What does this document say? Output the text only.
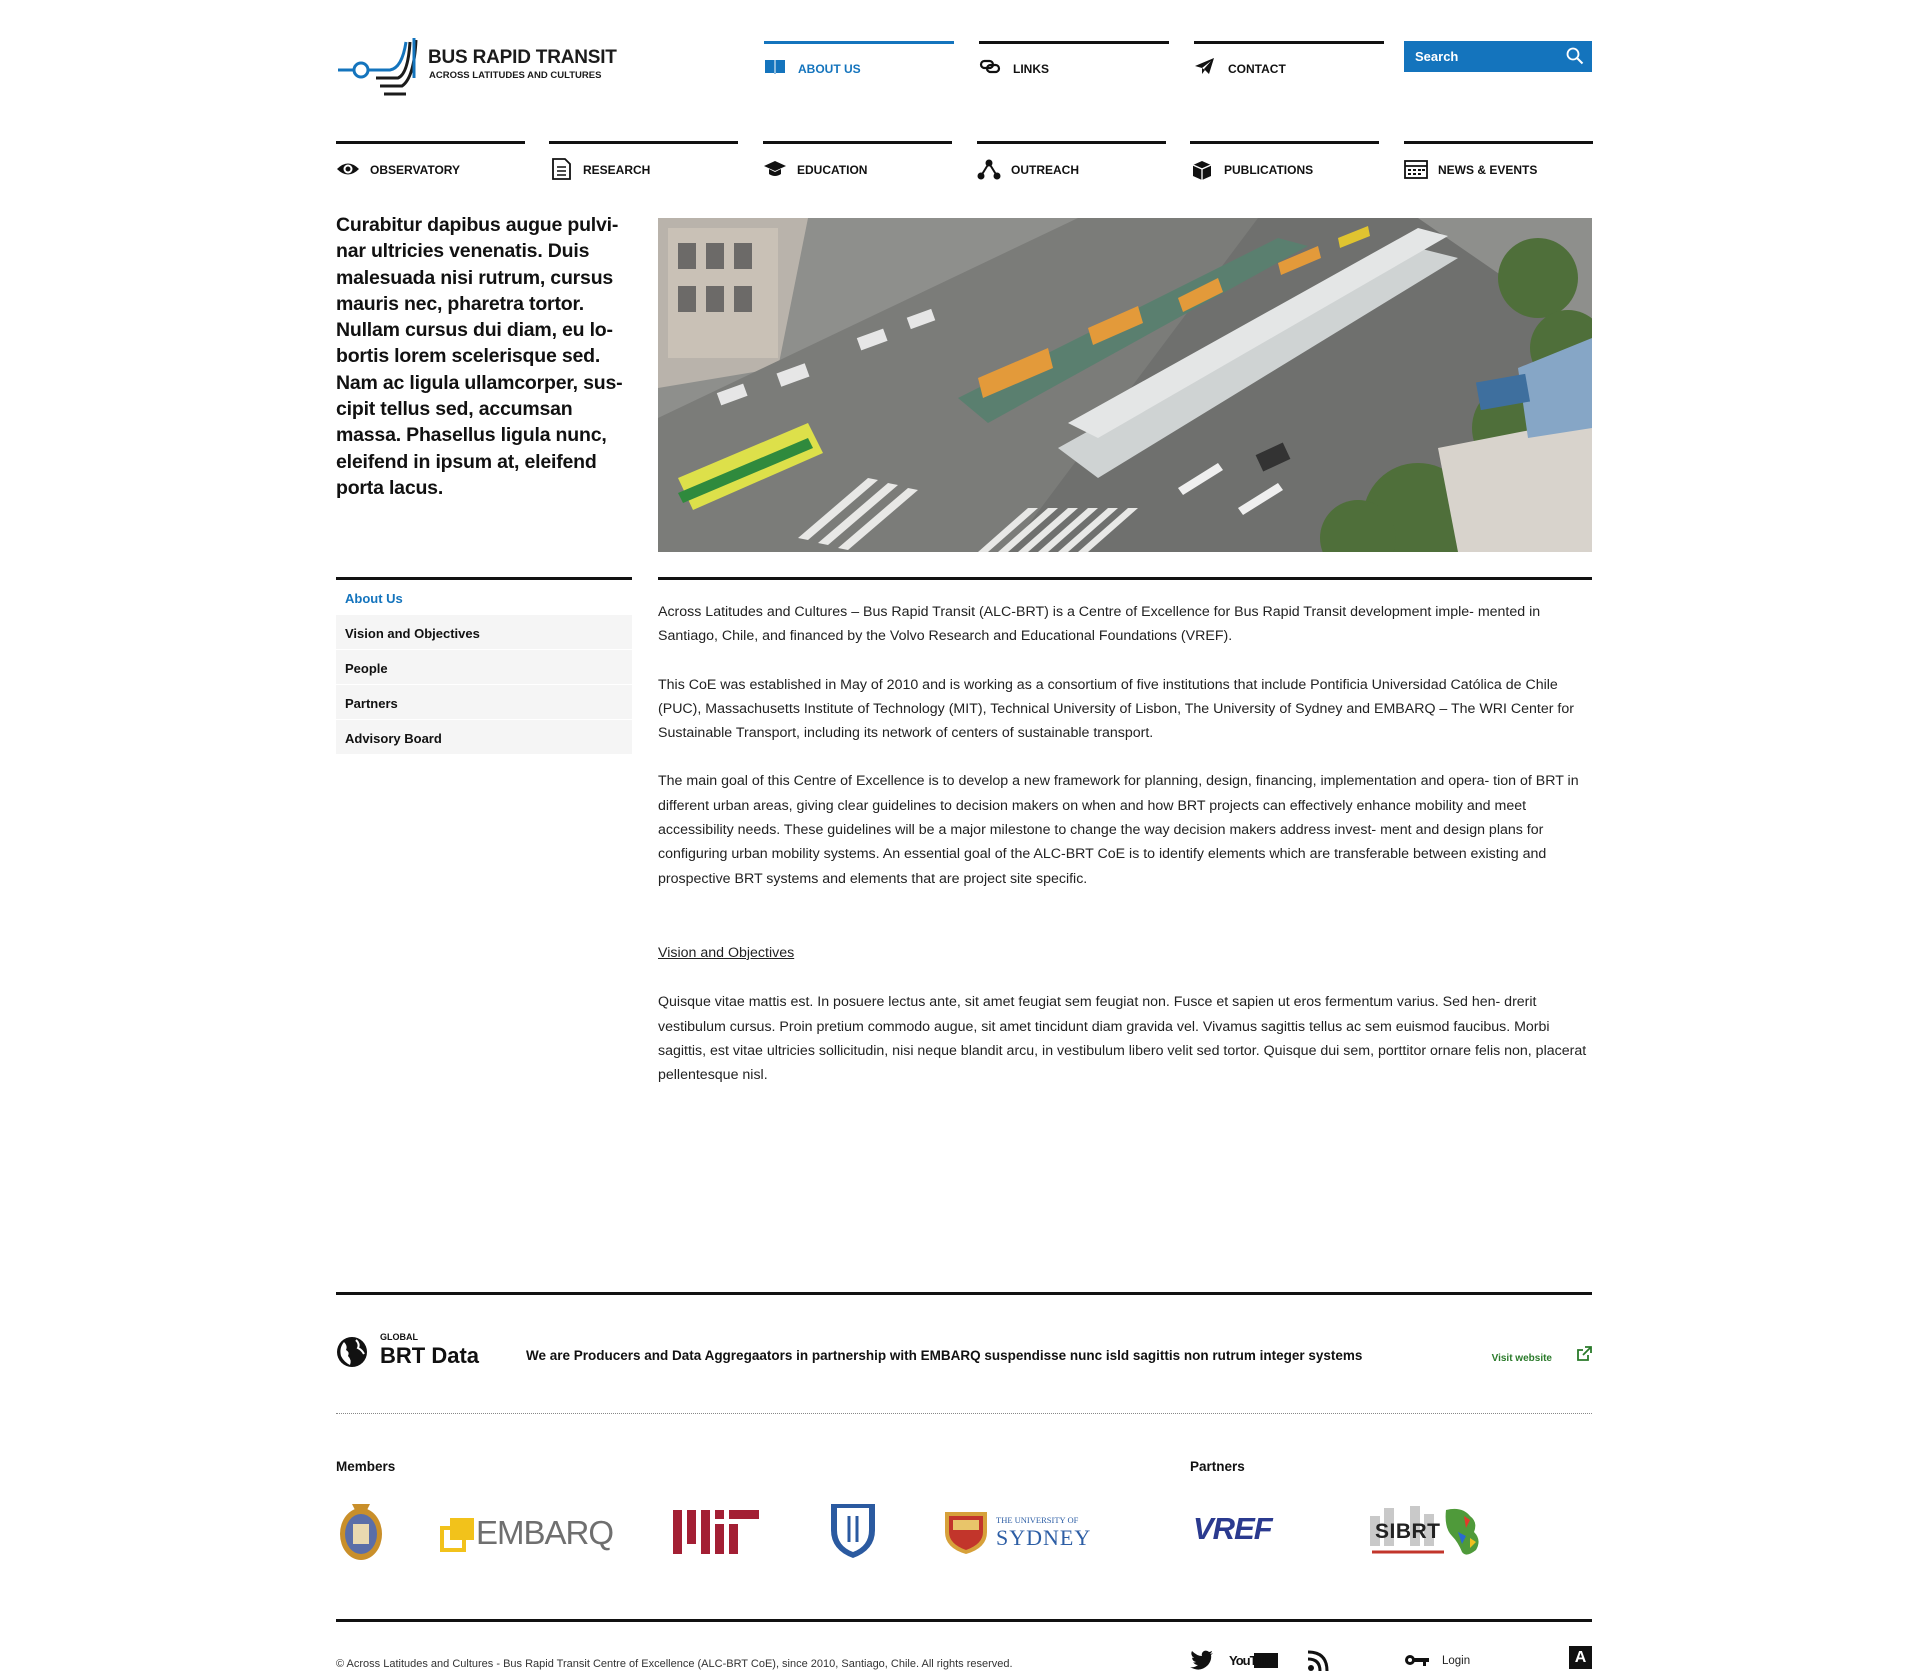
BUS RAPID TRANSIT
ACROSS LATITUDES AND CULTURES	ABOUT US	LINKS	CONTACT
Search
OBSERVATORY	RESEARCH	EDUCATION	OUTREACH	PUBLICATIONS	NEWS & EVENTS
Curabitur dapibus augue pulvi- nar ultricies venenatis. Duis malesuada nisi rutrum, cursus mauris nec, pharetra tortor. Nullam cursus dui diam, eu lo- bortis lorem scelerisque sed. Nam ac ligula ullamcorper, sus- cipit tellus sed, accumsan massa. Phasellus ligula nunc, eleifend in ipsum at, eleifend porta lacus.
About Us
Vision and Objectives
People
Partners
Advisory Board

Across Latitudes and Cultures – Bus Rapid Transit (ALC-BRT) is a Centre of Excellence for Bus Rapid Transit development imple- mented in Santiago, Chile, and financed by the Volvo Research and Educational Foundations (VREF).

This CoE was established in May of 2010 and is working as a consortium of five institutions that include Pontificia Universidad Católica de Chile (PUC), Massachusetts Institute of Technology (MIT), Technical University of Lisbon, The University of Sydney and EMBARQ – The WRI Center for Sustainable Transport, including its network of centers of sustainable transport.

The main goal of this Centre of Excellence is to develop a new framework for planning, design, financing, implementation and opera- tion of BRT in different urban areas, giving clear guidelines to decision makers on when and how BRT projects can effectively enhance mobility and meet accessibility needs. These guidelines will be a major milestone to change the way decision makers address invest- ment and design plans for configuring urban mobility systems. An essential goal of the ALC-BRT CoE is to identify elements which are transferable between existing and prospective BRT systems and elements that are project site specific.

Vision and Objectives

Quisque vitae mattis est. In posuere lectus ante, sit amet feugiat sem feugiat non. Fusce et sapien ut eros fermentum varius. Sed hen- drerit vestibulum cursus. Proin pretium commodo augue, sit amet tincidunt diam gravida vel. Vivamus sagittis tellus ac sem euismod faucibus. Morbi sagittis, est vitae ultricies sollicitudin, nisi neque blandit arcu, in vestibulum libero velit sed tortor. Quisque dui sem, porttitor ornare felis non, placerat pellentesque nisl.

GLOBAL
BRT Data	We are Producers and Data Aggregaators in partnership with EMBARQ suspendisse nunc isld sagittis non rutrum integer systems	Visit website
Members	Partners
EMBARQ	THE UNIVERSITY OF
SYDNEY	VREF	SIBRT
© Across Latitudes and Cultures - Bus Rapid Transit Centre of Excellence (ALC-BRT CoE), since 2010, Santiago, Chile. All rights reserved.	YouTube	Login	A
